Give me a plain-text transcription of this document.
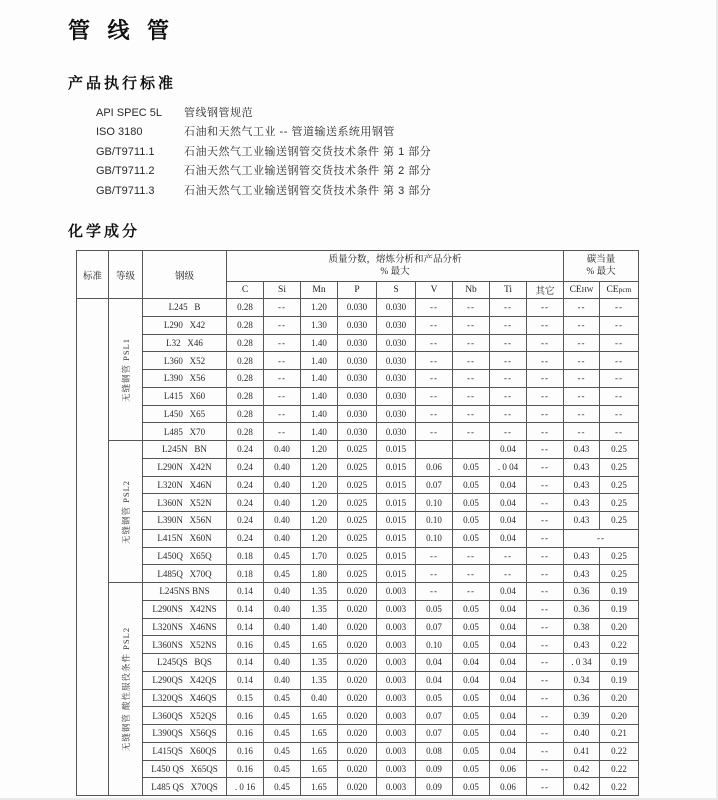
管 线 管
产品执行标准
API SPEC 5L	管线钢管规范
ISO 3180	石油和天然气工业 -- 管道输送系统用钢管
GB/T9711.1	石油天然气工业输送钢管交货技术条件 第 1 部分
GB/T9711.2	石油天然气工业输送钢管交货技术条件 第 2 部分
GB/T9711.3	石油天然气工业输送钢管交货技术条件 第 3 部分
化学成分
标准	等级	钢级	
质量分数，熔炼分析和产品分析
% 最大

碳当量
% 最大

			C	Si	Mn	P	S	V	Nb	Ti	其它	CEHW	CEpcm

	无缝钢管 PSL1	L245   B	0.28	--	1.20	0.030	0.030	--	--	--	--	--	--
		L290   X42	0.28	--	1.30	0.030	0.030	--	--	--	--	--	--
		L32   X46	0.28	--	1.40	0.030	0.030	--	--	--	--	--	--
		L360   X52	0.28	--	1.40	0.030	0.030	--	--	--	--	--	--
		L390   X56	0.28	--	1.40	0.030	0.030	--	--	--	--	--	--
		L415   X60	0.28	--	1.40	0.030	0.030	--	--	--	--	--	--
		L450   X65	0.28	--	1.40	0.030	0.030	--	--	--	--	--	--
		L485   X70	0.28	--	1.40	0.030	0.030	--	--	--	--	--	--

	无缝钢管 PSL2	L245N   BN	0.24	0.40	1.20	0.025	0.015			0.04	--	0.43	0.25
		L290N   X42N	0.24	0.40	1.20	0.025	0.015	0.06	0.05	. 0 04	--	0.43	0.25
		L320N   X46N	0.24	0.40	1.20	0.025	0.015	0.07	0.05	0.04	--	0.43	0.25
		L360N   X52N	0.24	0.40	1.20	0.025	0.015	0.10	0.05	0.04	--	0.43	0.25
		L390N   X56N	0.24	0.40	1.20	0.025	0.015	0.10	0.05	0.04	--	0.43	0.25
		L415N   X60N	0.24	0.40	1.20	0.025	0.015	0.10	0.05	0.04	--	--	
		L450Q   X65Q	0.18	0.45	1.70	0.025	0.015	--	--	--	--	0.43	0.25
		L485Q   X70Q	0.18	0.45	1.80	0.025	0.015	--	--	--	--	0.43	0.25

	无缝钢管 酸性服役条件 PSL2	L245NS BNS	0.14	0.40	1.35	0.020	0.003	--	--	0.04	--	0.36	0.19
		L290NS   X42NS	0.14	0.40	1.35	0.020	0.003	0.05	0.05	0.04	--	0.36	0.19
		L320NS   X46NS	0.14	0.40	1.40	0.020	0.003	0.07	0.05	0.04	--	0.38	0.20
		L360NS   X52NS	0.16	0.45	1.65	0.020	0.003	0.10	0.05	0.04	--	0.43	0.22
		L245QS   BQS	0.14	0.40	1.35	0.020	0.003	0.04	0.04	0.04	--	. 0 34	0.19
		L290QS   X42QS	0.14	0.40	1.35	0.020	0.003	0.04	0.04	0.04	--	0.34	0.19
		L320QS   X46QS	0.15	0.45	0.40	0.020	0.003	0.05	0.05	0.04	--	0.36	0.20
		L360QS   X52QS	0.16	0.45	1.65	0.020	0.003	0.07	0.05	0.04	--	0.39	0.20
		L390QS   X56QS	0.16	0.45	1.65	0.020	0.003	0.07	0.05	0.04	--	0.40	0.21
		L415QS   X60QS	0.16	0.45	1.65	0.020	0.003	0.08	0.05	0.04	--	0.41	0.22
		L450 QS   X65QS	0.16	0.45	1.65	0.020	0.003	0.09	0.05	0.06	--	0.42	0.22
		L485 QS   X70QS	. 0 16	0.45	1.65	0.020	0.003	0.09	0.05	0.06	--	0.42	0.22
